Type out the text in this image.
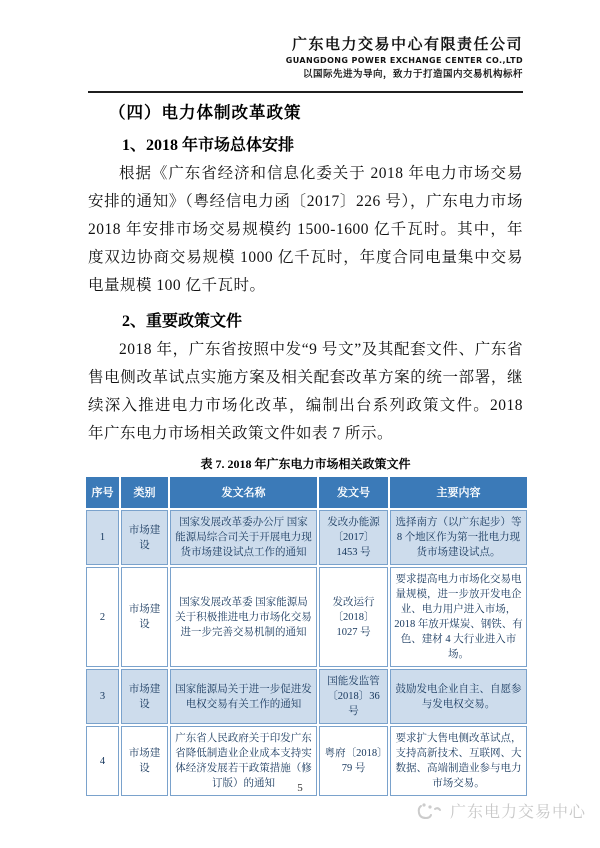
广东电力交易中心有限责任公司
GUANGDONG POWER EXCHANGE CENTER CO.,LTD
以国际先进为导向，致力于打造国内交易机构标杆
（四）电力体制改革政策
1、2018 年市场总体安排
根据《广东省经济和信息化委关于 2018 年电力市场交易安排的通知》（粤经信电力函〔2017〕226 号），广东电力市场 2018 年安排市场交易规模约 1500-1600 亿千瓦时。其中，年度双边协商交易规模 1000 亿千瓦时，年度合同电量集中交易电量规模 100 亿千瓦时。
2、重要政策文件
2018 年，广东省按照中发“9 号文”及其配套文件、广东省售电侧改革试点实施方案及相关配套改革方案的统一部署，继续深入推进电力市场化改革，编制出台系列政策文件。2018 年广东电力市场相关政策文件如表 7 所示。
表 7. 2018 年广东电力市场相关政策文件
序号	类别	发文名称	发文号	主要内容
1	市场建设	国家发展改革委办公厅 国家能源局综合司关于开展电力现货市场建设试点工作的通知	发改办能源〔2017〕1453 号	选择南方（以广东起步）等 8 个地区作为第一批电力现货市场建设试点。
2	市场建设	国家发展改革委 国家能源局关于积极推进电力市场化交易 进一步完善交易机制的通知	发改运行〔2018〕1027 号	要求提高电力市场化交易电量规模，进一步放开发电企业、电力用户进入市场，2018 年放开煤炭、钢铁、有色、建材 4 大行业进入市场。
3	市场建设	国家能源局关于进一步促进发电权交易有关工作的通知	国能发监管〔2018〕36 号	鼓励发电企业自主、自愿参与发电权交易。
4	市场建设	广东省人民政府关于印发广东省降低制造业企业成本支持实体经济发展若干政策措施（修订版）的通知	粤府〔2018〕79 号	要求扩大售电侧改革试点，支持高新技术、互联网、大数据、高端制造业参与电力市场交易。
5
广东电力交易中心
